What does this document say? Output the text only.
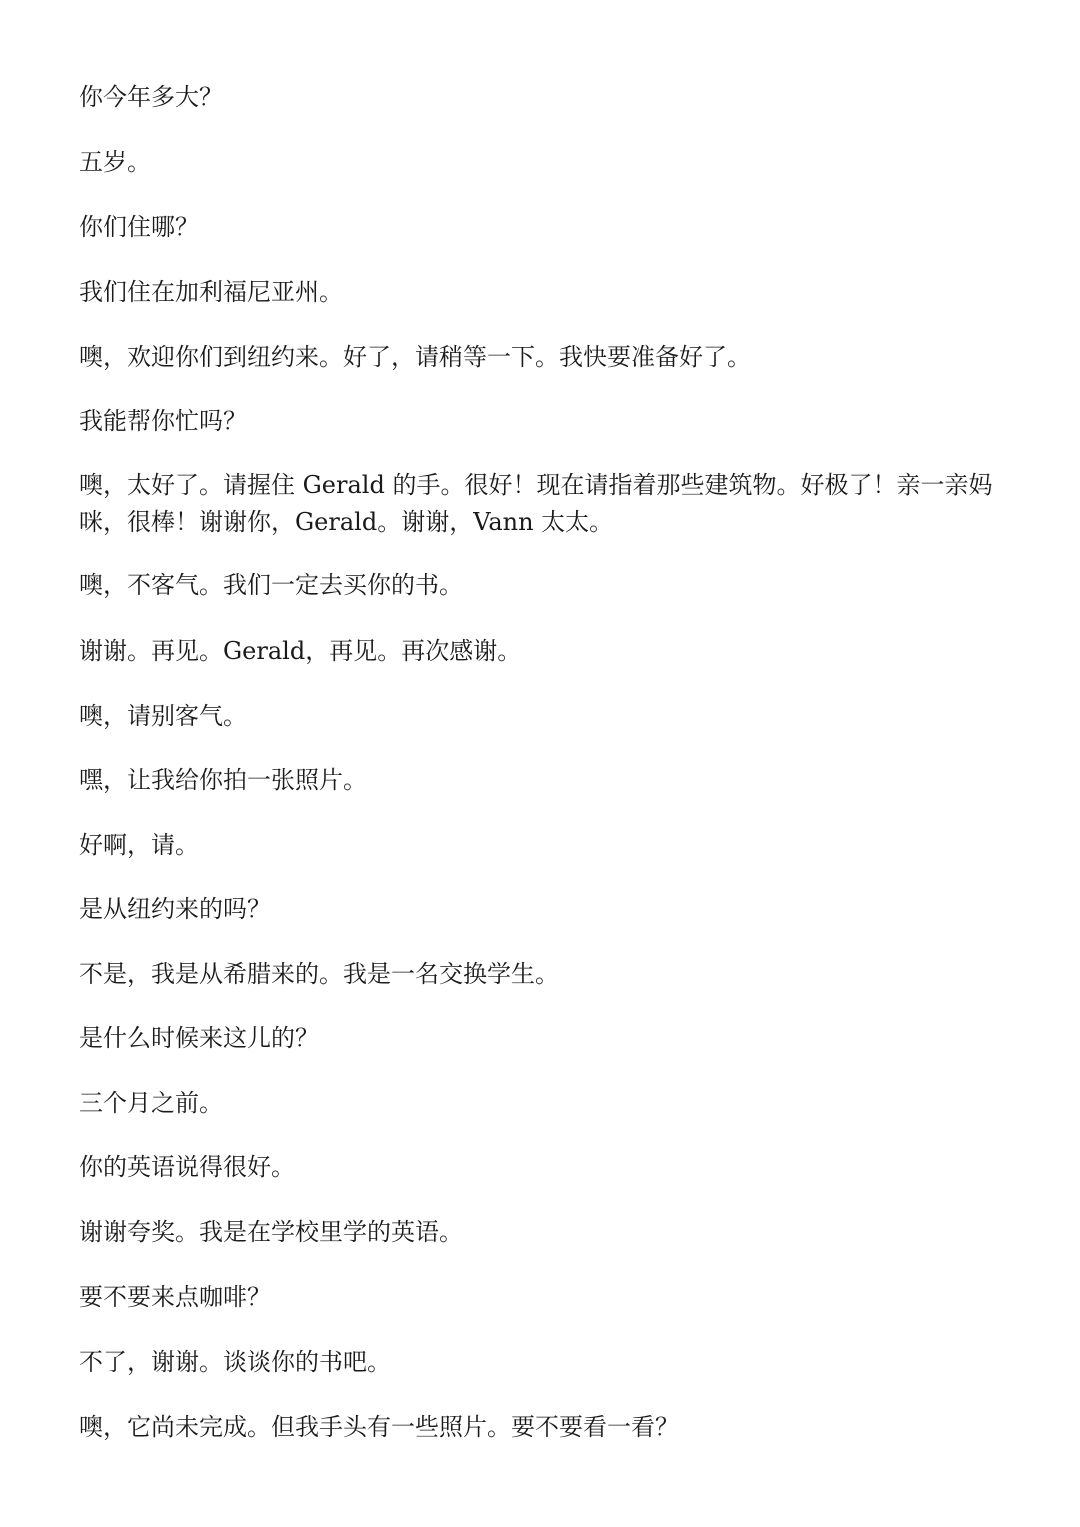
你今年多大？

五岁。

你们住哪？

我们住在加利福尼亚州。

噢，欢迎你们到纽约来。好了，请稍等一下。我快要准备好了。

我能帮你忙吗？

噢，太好了。请握住 Gerald 的手。很好！现在请指着那些建筑物。好极了！亲一亲妈咪，很棒！谢谢你，Gerald。谢谢，Vann 太太。

噢，不客气。我们一定去买你的书。

谢谢。再见。Gerald，再见。再次感谢。

噢，请别客气。

嘿，让我给你拍一张照片。

好啊，请。

是从纽约来的吗？

不是，我是从希腊来的。我是一名交换学生。

是什么时候来这儿的？

三个月之前。

你的英语说得很好。

谢谢夸奖。我是在学校里学的英语。

要不要来点咖啡？

不了，谢谢。谈谈你的书吧。

噢，它尚未完成。但我手头有一些照片。要不要看一看？
